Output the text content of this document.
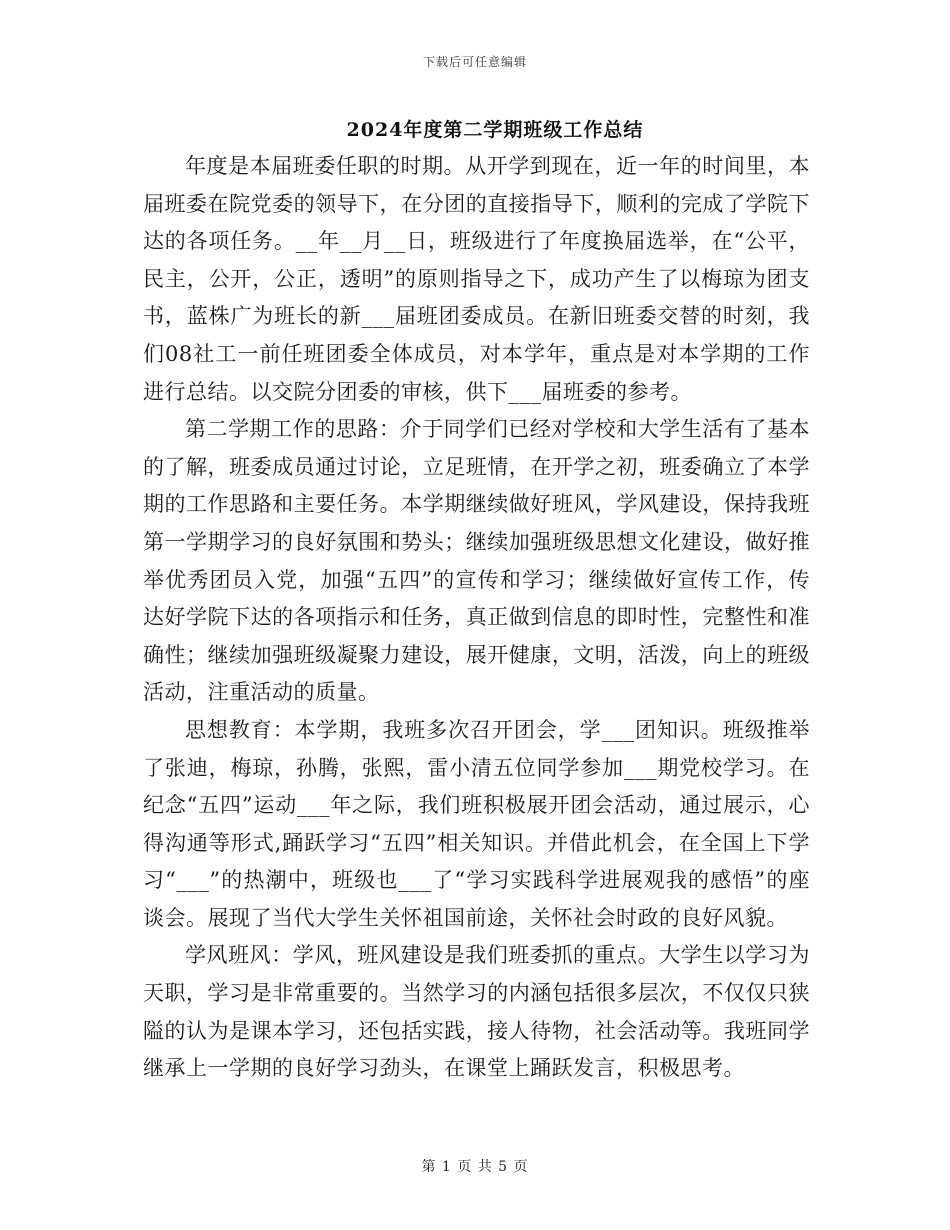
下载后可任意编辑
2024年度第二学期班级工作总结

年度是本届班委任职的时期。从开学到现在，近一年的时间里，本届班委在院党委的领导下，在分团的直接指导下，顺利的完成了学院下达的各项任务。__年__月__日，班级进行了年度换届选举，在“公平，民主，公开，公正，透明”的原则指导之下，成功产生了以梅琼为团支书，蓝株广为班长的新___届班团委成员。在新旧班委交替的时刻，我们08社工一前任班团委全体成员，对本学年，重点是对本学期的工作进行总结。以交院分团委的审核，供下___届班委的参考。

第二学期工作的思路：介于同学们已经对学校和大学生活有了基本的了解，班委成员通过讨论，立足班情，在开学之初，班委确立了本学期的工作思路和主要任务。本学期继续做好班风，学风建设，保持我班第一学期学习的良好氛围和势头；继续加强班级思想文化建设，做好推举优秀团员入党，加强“五四”的宣传和学习；继续做好宣传工作，传达好学院下达的各项指示和任务，真正做到信息的即时性，完整性和准确性；继续加强班级凝聚力建设，展开健康，文明，活泼，向上的班级活动，注重活动的质量。

思想教育：本学期，我班多次召开团会，学___团知识。班级推举了张迪，梅琼，孙腾，张熙，雷小清五位同学参加___期党校学习。在纪念“五四”运动___年之际，我们班积极展开团会活动，通过展示，心得沟通等形式,踊跃学习“五四”相关知识。并借此机会，在全国上下学习“___”的热潮中，班级也___了“学习实践科学进展观我的感悟”的座谈会。展现了当代大学生关怀祖国前途，关怀社会时政的良好风貌。

学风班风：学风，班风建设是我们班委抓的重点。大学生以学习为天职，学习是非常重要的。当然学习的内涵包括很多层次，不仅仅只狭隘的认为是课本学习，还包括实践，接人待物，社会活动等。我班同学继承上一学期的良好学习劲头，在课堂上踊跃发言，积极思考。

第 1 页 共 5 页
